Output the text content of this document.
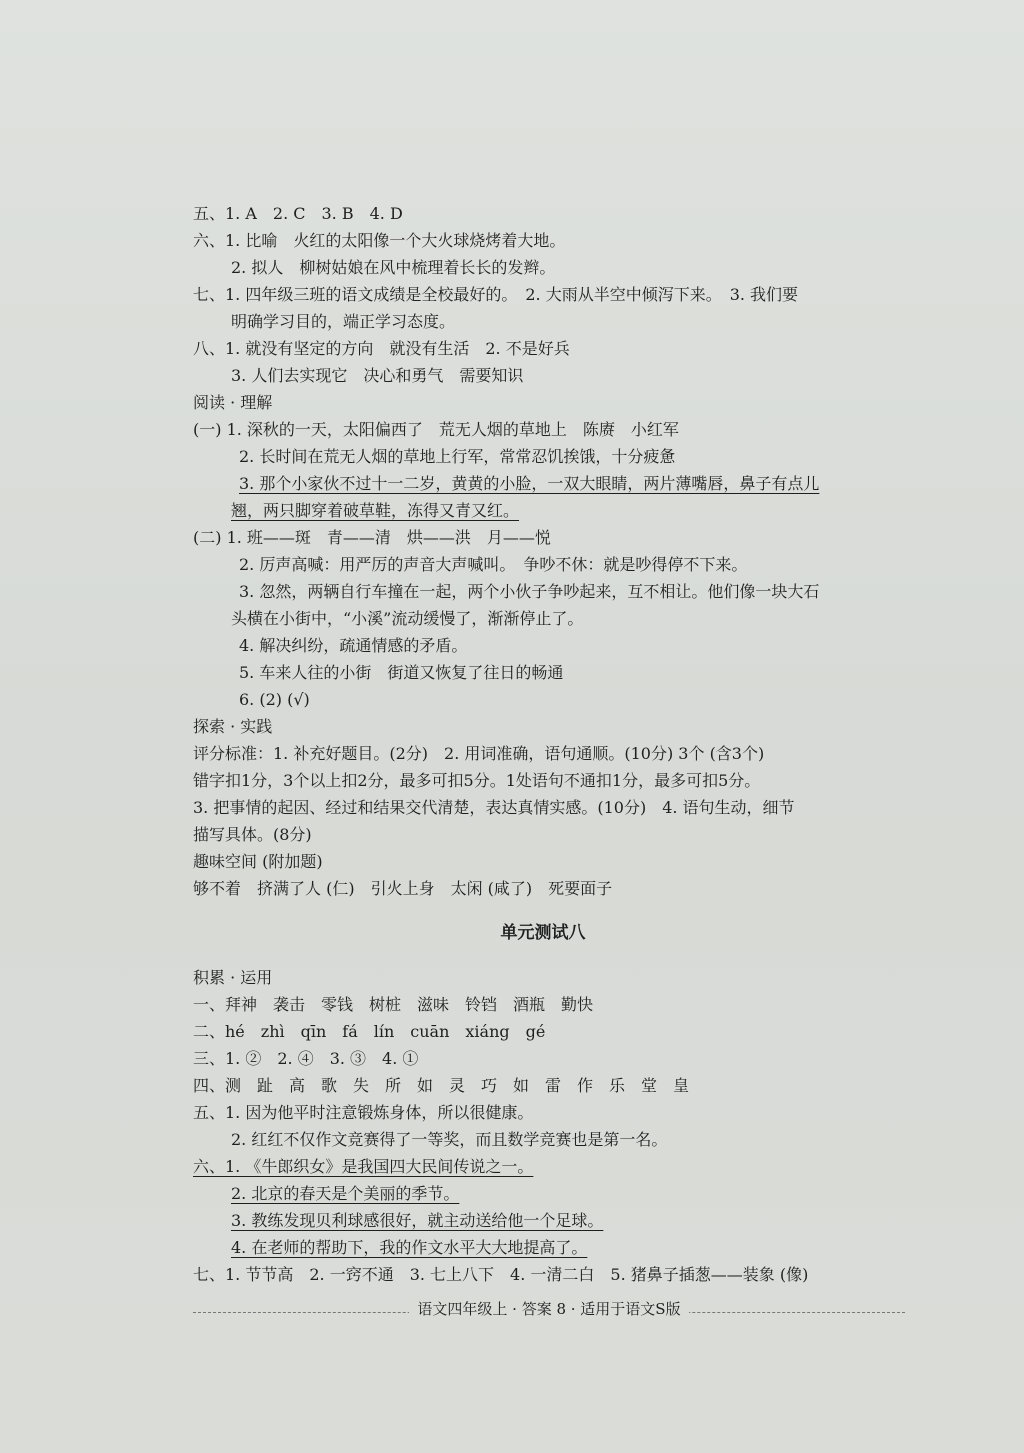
五、1. A　2. C　3. B　4. D
六、1. 比喻　火红的太阳像一个大火球烧烤着大地。
2. 拟人　柳树姑娘在风中梳理着长长的发辫。
七、1. 四年级三班的语文成绩是全校最好的。　2. 大雨从半空中倾泻下来。　3. 我们要
明确学习目的，端正学习态度。
八、1. 就没有坚定的方向　就没有生活　2. 不是好兵
3. 人们去实现它　决心和勇气　需要知识
阅读 · 理解
(一) 1. 深秋的一天，太阳偏西了　荒无人烟的草地上　陈赓　小红军
2. 长时间在荒无人烟的草地上行军，常常忍饥挨饿，十分疲惫
3. 那个小家伙不过十一二岁，黄黄的小脸，一双大眼睛，两片薄嘴唇，鼻子有点儿
翘，两只脚穿着破草鞋，冻得又青又红。
(二) 1. 班——斑　青——清　烘——洪　月——悦
2. 厉声高喊：用严厉的声音大声喊叫。　争吵不休：就是吵得停不下来。
3. 忽然，两辆自行车撞在一起，两个小伙子争吵起来，互不相让。他们像一块大石
头横在小街中，“小溪”流动缓慢了，渐渐停止了。
4. 解决纠纷，疏通情感的矛盾。
5. 车来人往的小街　街道又恢复了往日的畅通
6. (2) (√)
探索 · 实践
评分标准：1. 补充好题目。(2分)　2. 用词准确，语句通顺。(10分) 3个 (含3个)
错字扣1分，3个以上扣2分，最多可扣5分。1处语句不通扣1分，最多可扣5分。
3. 把事情的起因、经过和结果交代清楚，表达真情实感。(10分)　4. 语句生动，细节
描写具体。(8分)
趣味空间 (附加题)
够不着　挤满了人 (仁)　引火上身　太闲 (咸了)　死要面子
单元测试八
积累 · 运用
一、拜神　袭击　零钱　树桩　滋味　铃铛　酒瓶　勤快
二、hé　zhì　qīn　fá　lín　cuān　xiáng　gé
三、1. ②　2. ④　3. ③　4. ①
四、测　趾　高　歌　失　所　如　灵　巧　如　雷　作　乐　堂　皇
五、1. 因为他平时注意锻炼身体，所以很健康。
2. 红红不仅作文竞赛得了一等奖，而且数学竞赛也是第一名。
六、1. 《牛郎织女》是我国四大民间传说之一。
2. 北京的春天是个美丽的季节。
3. 教练发现贝利球感很好，就主动送给他一个足球。
4. 在老师的帮助下，我的作文水平大大地提高了。
七、1. 节节高　2. 一窍不通　3. 七上八下　4. 一清二白　5. 猪鼻子插葱——装象 (像)
语文四年级上 · 答案 8 · 适用于语文S版
